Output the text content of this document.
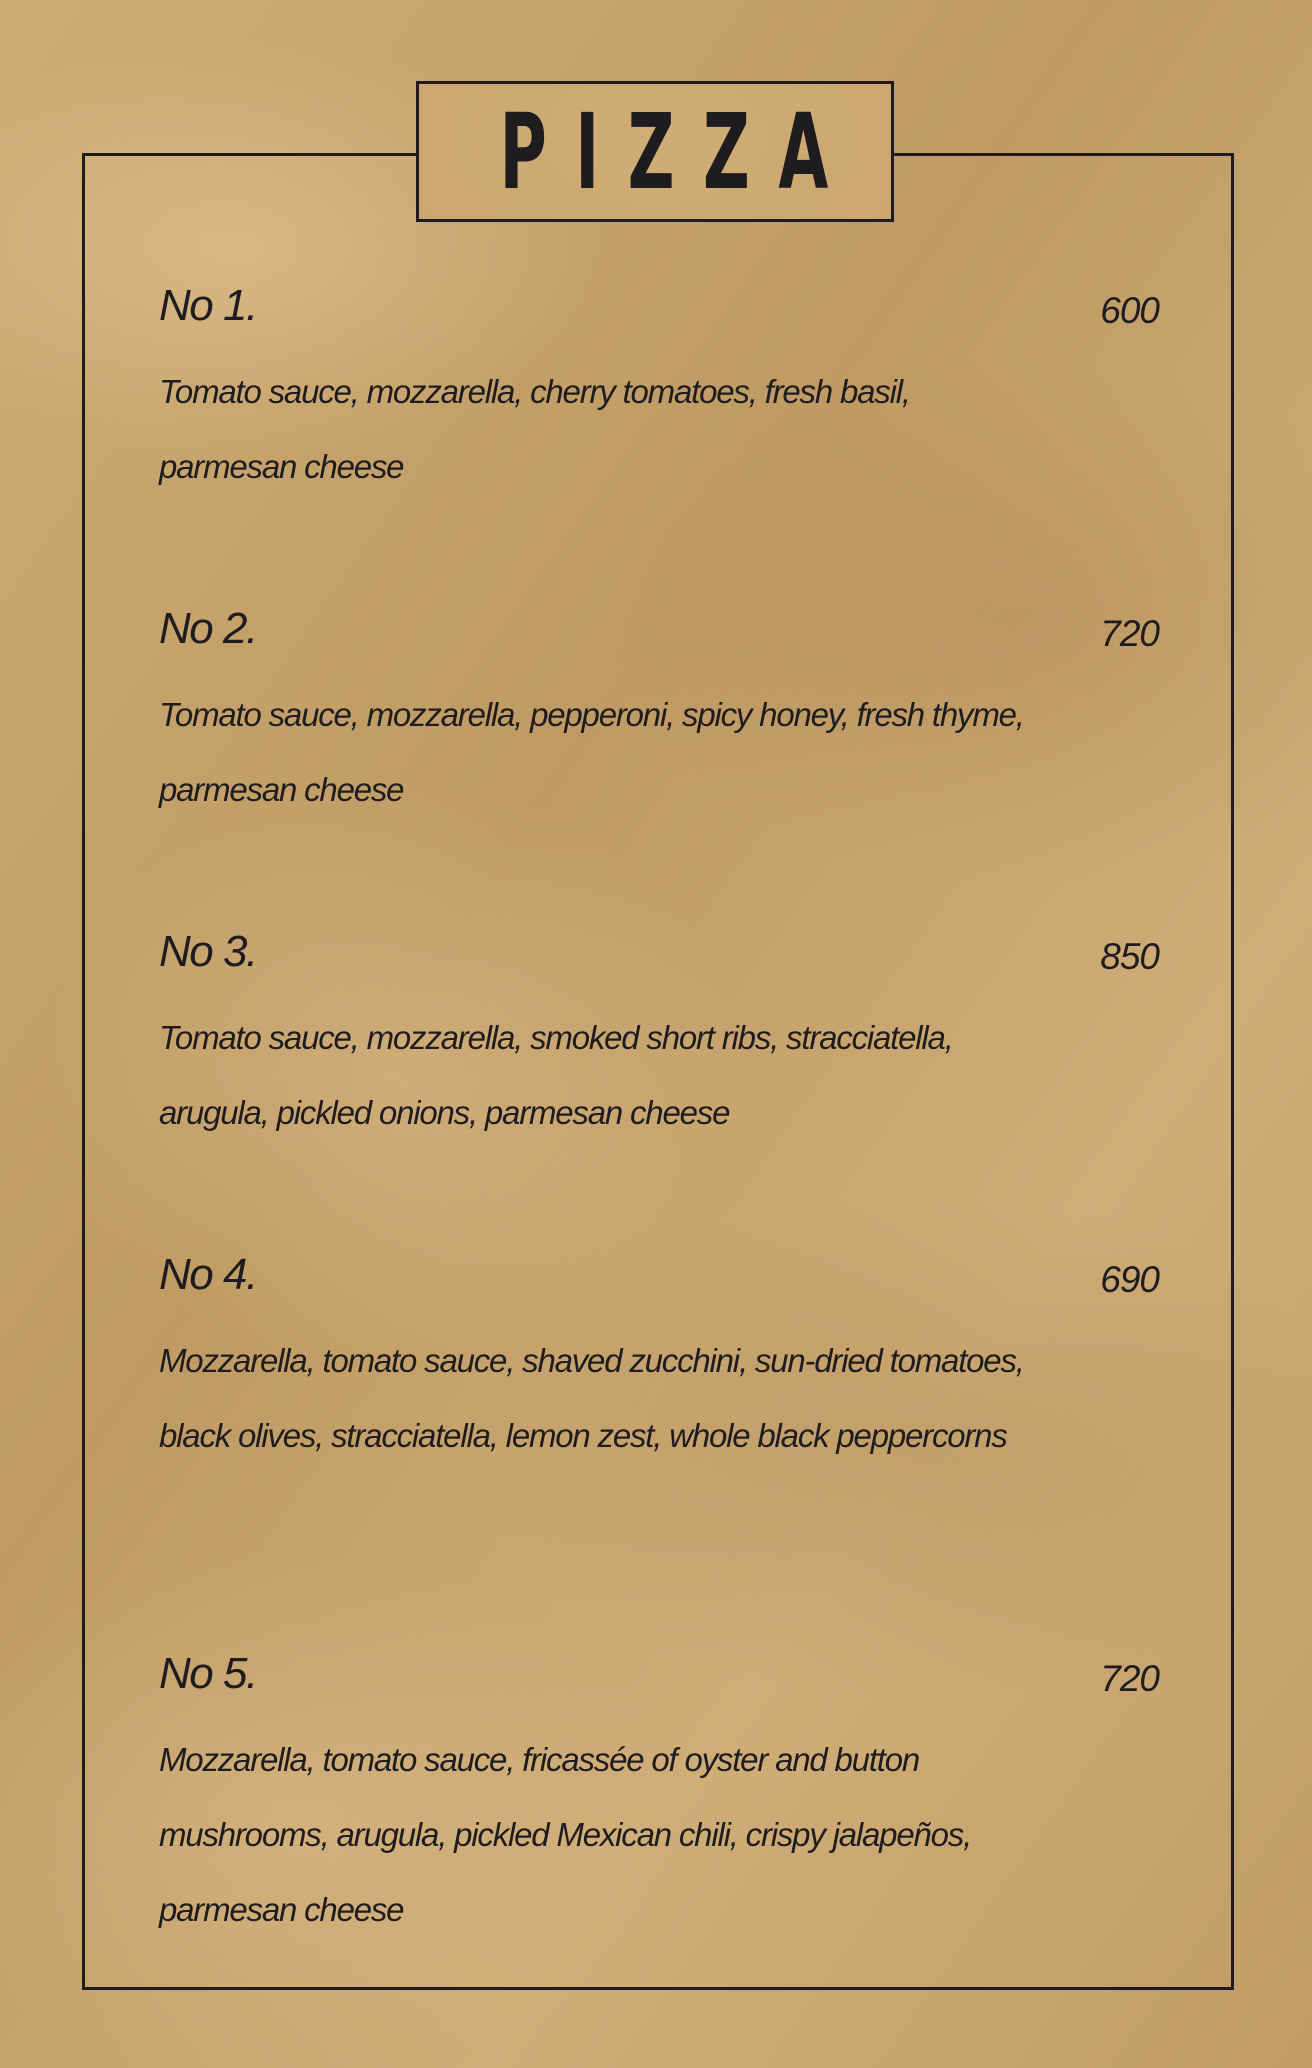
PIZZA
No 1.	600
Tomato sauce, mozzarella, cherry tomatoes, fresh basil, parmesan cheese
No 2.	720
Tomato sauce, mozzarella, pepperoni, spicy honey, fresh thyme, parmesan cheese
No 3.	850
Tomato sauce, mozzarella, smoked short ribs, stracciatella, arugula, pickled onions, parmesan cheese
No 4.	690
Mozzarella, tomato sauce, shaved zucchini, sun-dried tomatoes, black olives, stracciatella, lemon zest, whole black peppercorns
No 5.	720
Mozzarella, tomato sauce, fricassée of oyster and button mushrooms, arugula, pickled Mexican chili, crispy jalapeños, parmesan cheese
